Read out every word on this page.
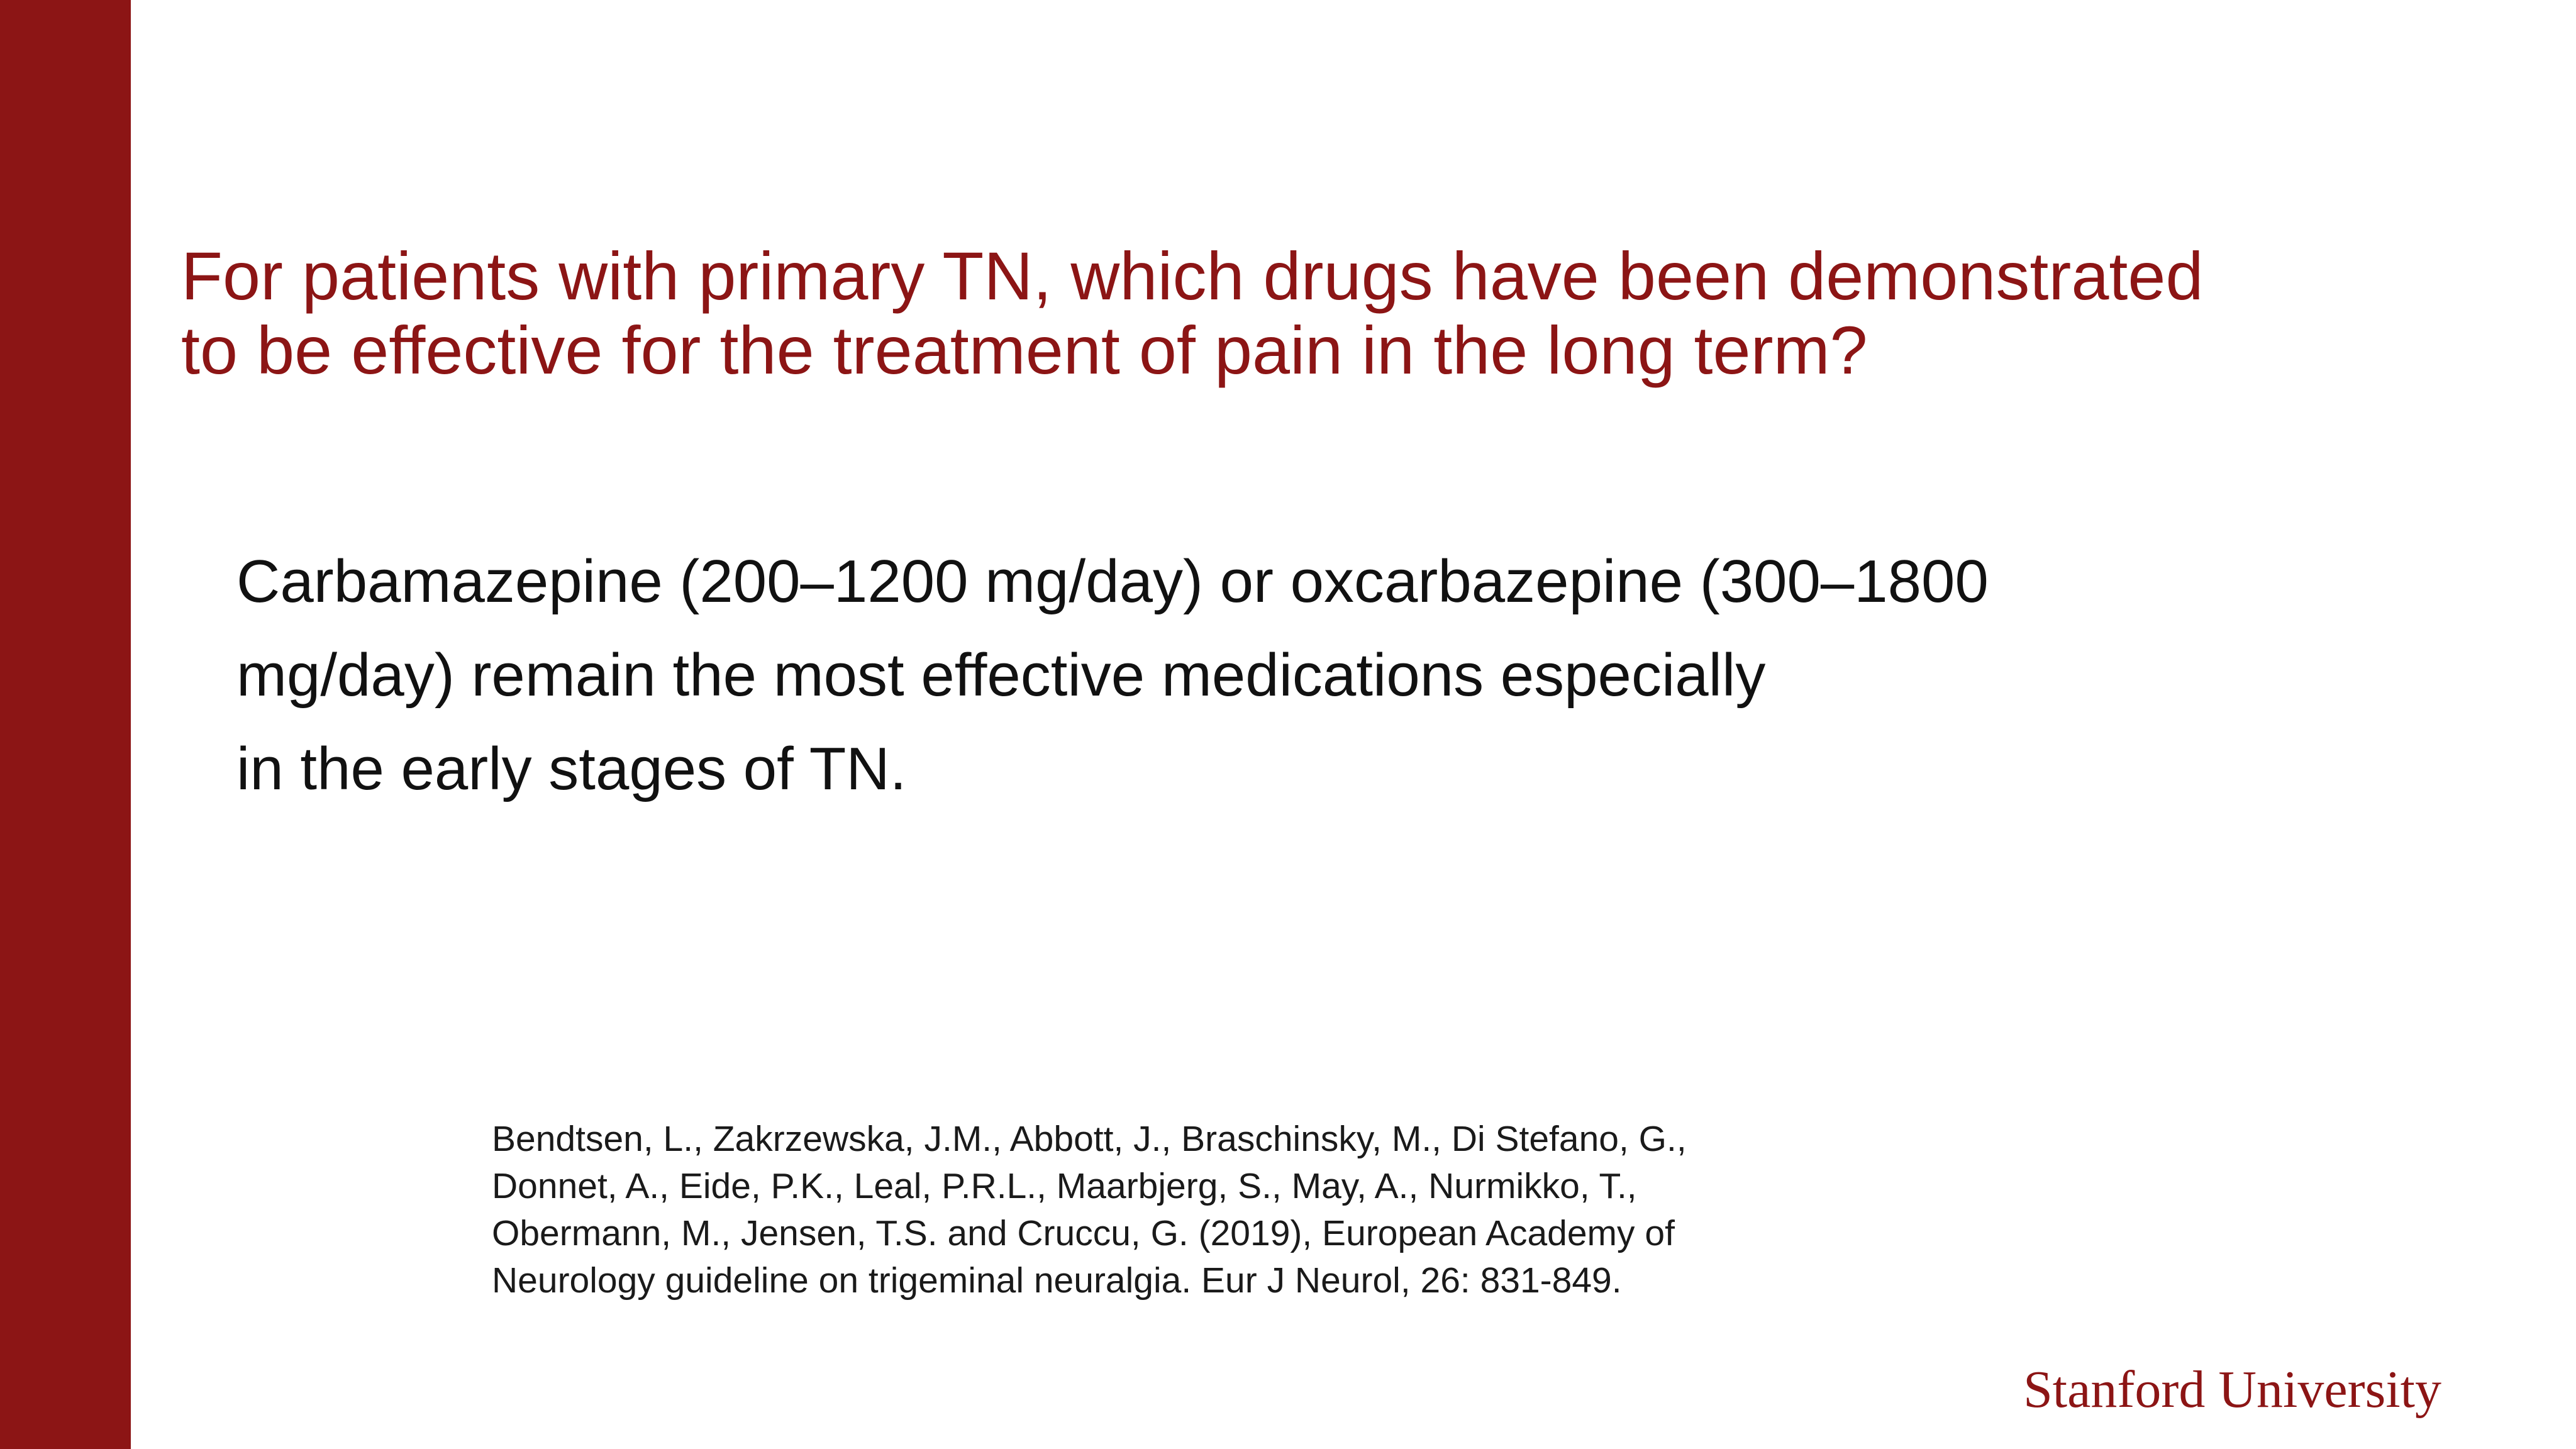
For patients with primary TN, which drugs have been demonstrated
to be effective for the treatment of pain in the long term?

Carbamazepine (200–1200 mg/day) or oxcarbazepine (300–1800
mg/day) remain the most effective medications especially
in the early stages of TN.

Bendtsen, L., Zakrzewska, J.M., Abbott, J., Braschinsky, M., Di Stefano, G.,
Donnet, A., Eide, P.K., Leal, P.R.L., Maarbjerg, S., May, A., Nurmikko, T.,
Obermann, M., Jensen, T.S. and Cruccu, G. (2019), European Academy of
Neurology guideline on trigeminal neuralgia. Eur J Neurol, 26: 831-849.

Stanford University
